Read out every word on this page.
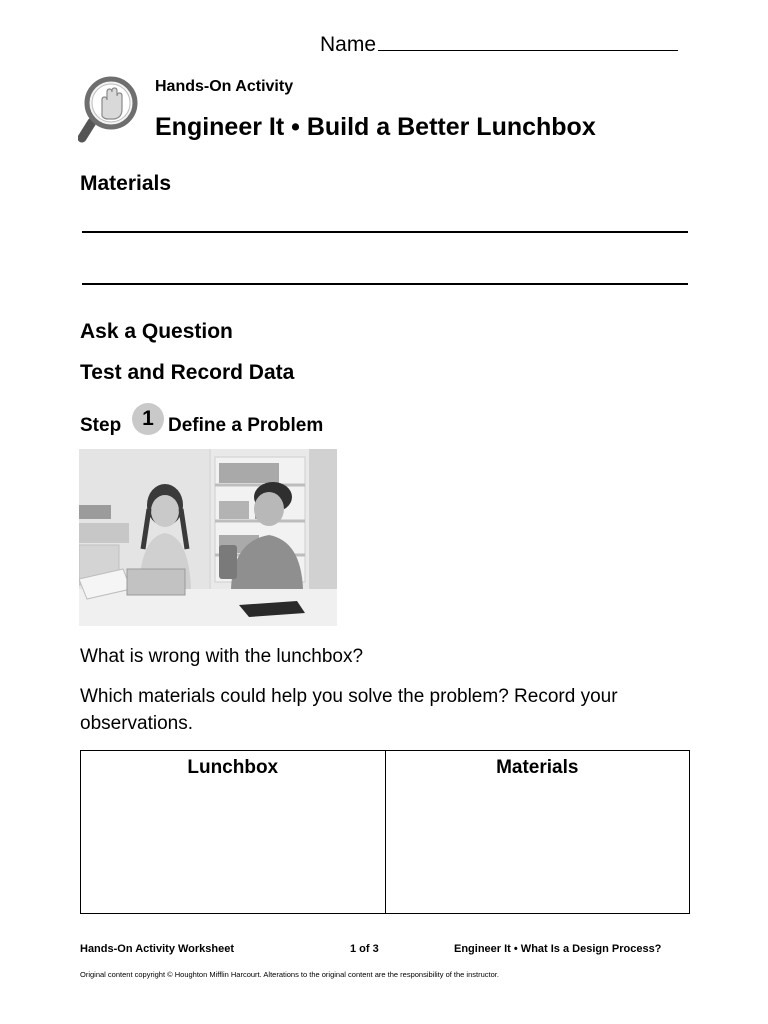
Name
Hands-On Activity
Engineer It • Build a Better Lunchbox
Materials
Ask a Question
Test and Record Data
Step 1 Define a Problem
What is wrong with the lunchbox?
Which materials could help you solve the problem? Record your observations.
Lunchbox	Materials
Hands-On Activity Worksheet	1 of 3	Engineer It • What Is a Design Process?
Original content copyright © Houghton Mifflin Harcourt. Alterations to the original content are the responsibility of the instructor.
